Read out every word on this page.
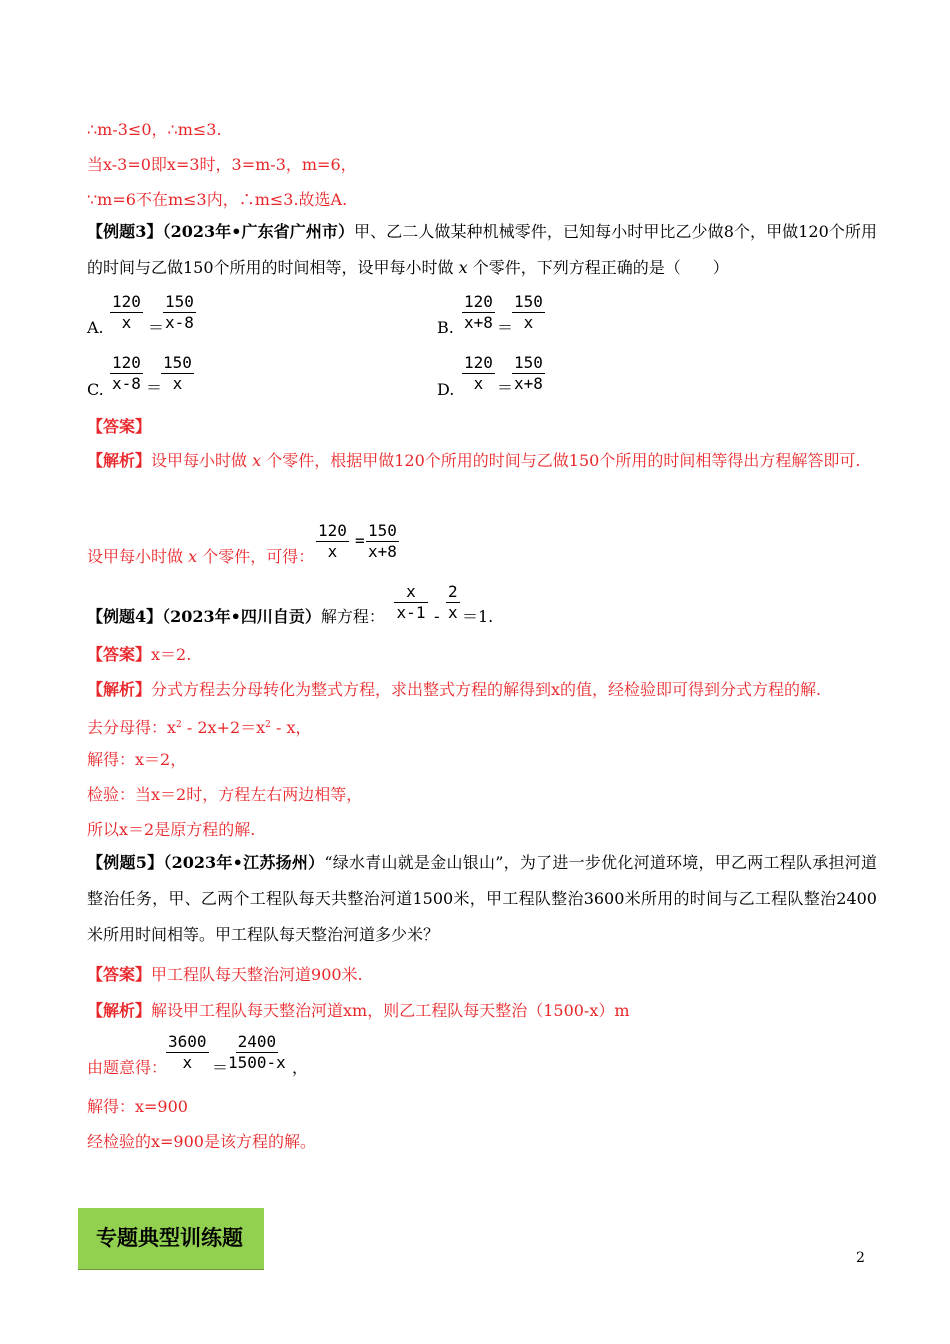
∴m-3≤0，∴m≤3.
当x-3=0即x=3时，3=m-3，m=6，
∵m=6不在m≤3内，∴m≤3.故选A.
【例题3】（2023年•广东省广州市）甲、乙二人做某种机械零件，已知每小时甲比乙少做8个，甲做120个所用的时间与乙做150个所用的时间相等，设甲每小时做 x 个零件，下列方程正确的是（　　）
A. $\frac{120}{x}$ ＝
$\frac{150}{x-8}$	B. $\frac{120}{x+8}$ ＝
$\frac{150}{x}$
C. $\frac{120}{x-8}$ ＝
$\frac{150}{x}$	D. $\frac{120}{x}$ ＝
$\frac{150}{x+8}$
【答案】
【解析】设甲每小时做 x 个零件，根据甲做120个所用的时间与乙做150个所用的时间相等得出方程解答即可.
设甲每小时做 x 个零件，可得： $\frac{120}{x} = \frac{150}{x+8}$
【例题4】（2023年•四川自贡）解方程： $\frac{x}{x-1} - \frac{2}{x} =1$.
【答案】x＝2.
【解析】分式方程去分母转化为整式方程，求出整式方程的解得到x的值，经检验即可得到分式方程的解.
去分母得：$x^2 - 2x+2=x^2 - x$，
解得：x＝2，
检验：当x＝2时，方程左右两边相等，
所以x＝2是原方程的解.
【例题5】（2023年•江苏扬州）“绿水青山就是金山银山”，为了进一步优化河道环境，甲乙两工程队承担河道整治任务，甲、乙两个工程队每天共整治河道1500米，甲工程队整治3600米所用的时间与乙工程队整治2400米所用时间相等。甲工程队每天整治河道多少米？
【答案】甲工程队每天整治河道900米.
【解析】解设甲工程队每天整治河道xm，则乙工程队每天整治（1500-x）m
由题意得：
$\frac{3600}{x} = \frac{2400}{1500-x}$ ，
解得：x=900
经检验的x=900是该方程的解。
专题典型训练题
2
